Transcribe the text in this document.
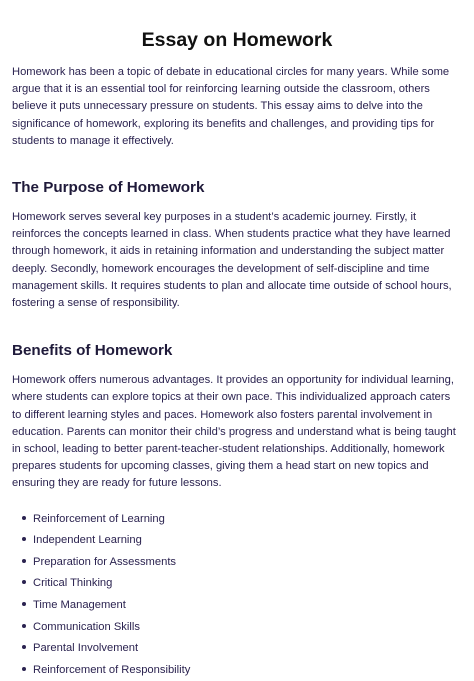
Essay on Homework

Homework has been a topic of debate in educational circles for many years. While some argue that it is an essential tool for reinforcing learning outside the classroom, others believe it puts unnecessary pressure on students. This essay aims to delve into the significance of homework, exploring its benefits and challenges, and providing tips for students to manage it effectively.

The Purpose of Homework

Homework serves several key purposes in a student’s academic journey. Firstly, it reinforces the concepts learned in class. When students practice what they have learned through homework, it aids in retaining information and understanding the subject matter deeply. Secondly, homework encourages the development of self-discipline and time management skills. It requires students to plan and allocate time outside of school hours, fostering a sense of responsibility.

Benefits of Homework

Homework offers numerous advantages. It provides an opportunity for individual learning, where students can explore topics at their own pace. This individualized approach caters to different learning styles and paces. Homework also fosters parental involvement in education. Parents can monitor their child’s progress and understand what is being taught in school, leading to better parent-teacher-student relationships. Additionally, homework prepares students for upcoming classes, giving them a head start on new topics and ensuring they are ready for future lessons.

Reinforcement of Learning
Independent Learning
Preparation for Assessments
Critical Thinking
Time Management
Communication Skills
Parental Involvement
Reinforcement of Responsibility
